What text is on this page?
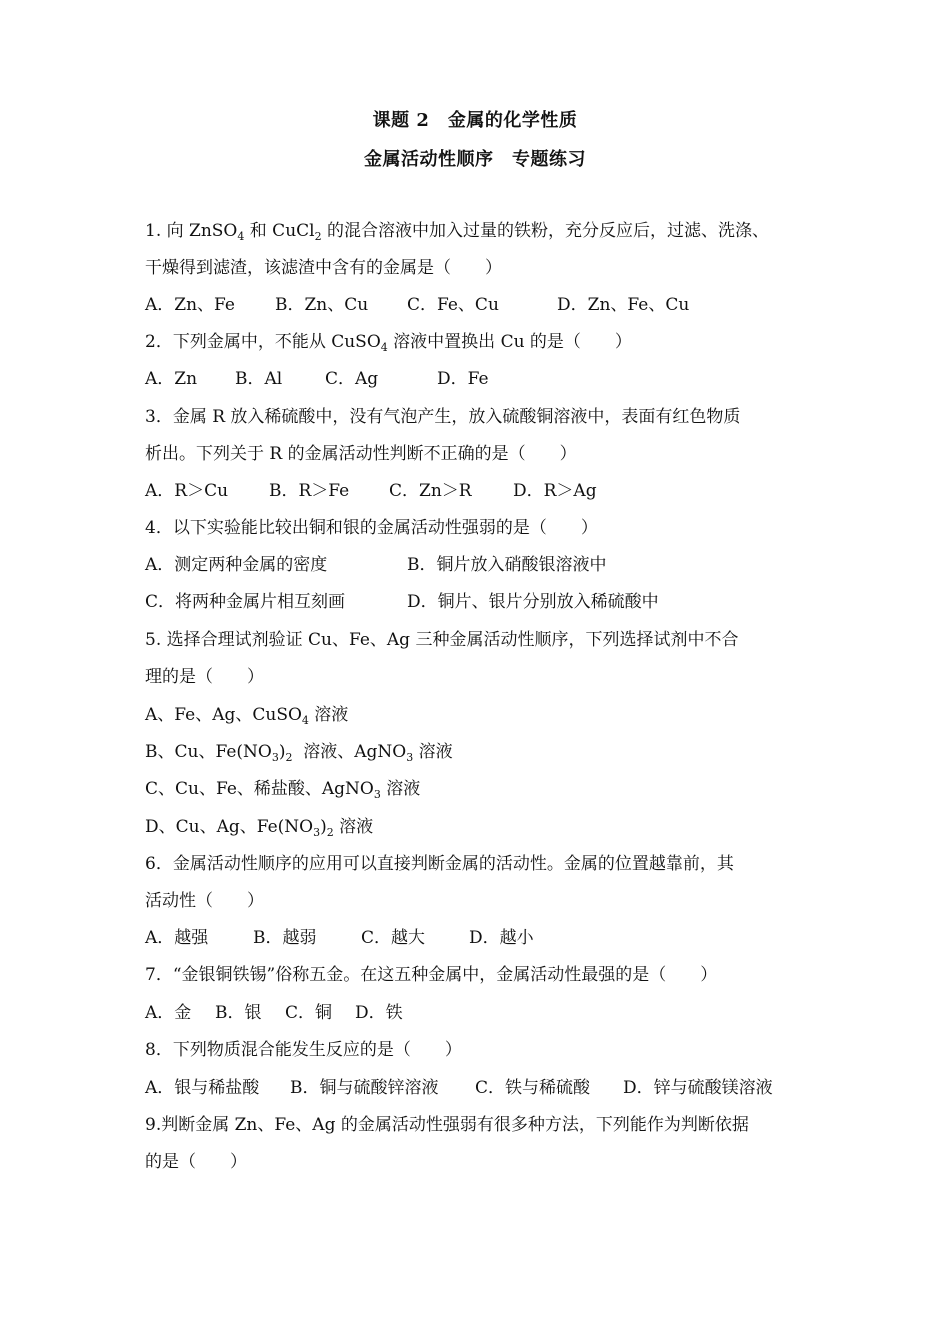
课题 2　金属的化学性质
金属活动性顺序　专题练习
1. 向 ZnSO$_4$ 和 CuCl$_2$ 的混合溶液中加入过量的铁粉，充分反应后，过滤、洗涤、
干燥得到滤渣，该滤渣中含有的金属是（　　）
A．Zn、Fe B．Zn、Cu C．Fe、Cu	D．Zn、Fe、Cu
2．下列金属中，不能从 CuSO$_4$ 溶液中置换出 Cu 的是（　　）
A．Zn B．Al	C．Ag	D．Fe
3．金属 R 放入稀硫酸中，没有气泡产生，放入硫酸铜溶液中，表面有红色物质
析出。下列关于 R 的金属活动性判断不正确的是（　　）
A．R＞Cu B．R＞Fe C．Zn＞R D．R＞Ag
4．以下实验能比较出铜和银的金属活动性强弱的是（　　）
A．测定两种金属的密度	B．铜片放入硝酸银溶液中
C．将两种金属片相互刻画	D．铜片、银片分别放入稀硫酸中
5. 选择合理试剂验证 Cu、Fe、Ag 三种金属活动性顺序，下列选择试剂中不合
理的是（　　）
A、Fe、Ag、CuSO$_4$ 溶液
B、Cu、$Fe(NO_3)_2$  溶液、AgNO$_3$ 溶液
C、Cu、Fe、稀盐酸、AgNO$_3$ 溶液
D、Cu、Ag、$Fe(NO_3)_2$ 溶液
6．金属活动性顺序的应用可以直接判断金属的活动性。金属的位置越靠前，其
活动性（　　）
A．越强	B．越弱	C．越大	D．越小
7．“金银铜铁锡”俗称五金。在这五种金属中，金属活动性最强的是（　　）
A．金 B．银 C．铜 D．铁
8．下列物质混合能发生反应的是（　　）
A．银与稀盐酸 B．铜与硫酸锌溶液 C．铁与稀硫酸 D．锌与硫酸镁溶液
9.判断金属 Zn、Fe、Ag 的金属活动性强弱有很多种方法，下列能作为判断依据
的是（　　）
